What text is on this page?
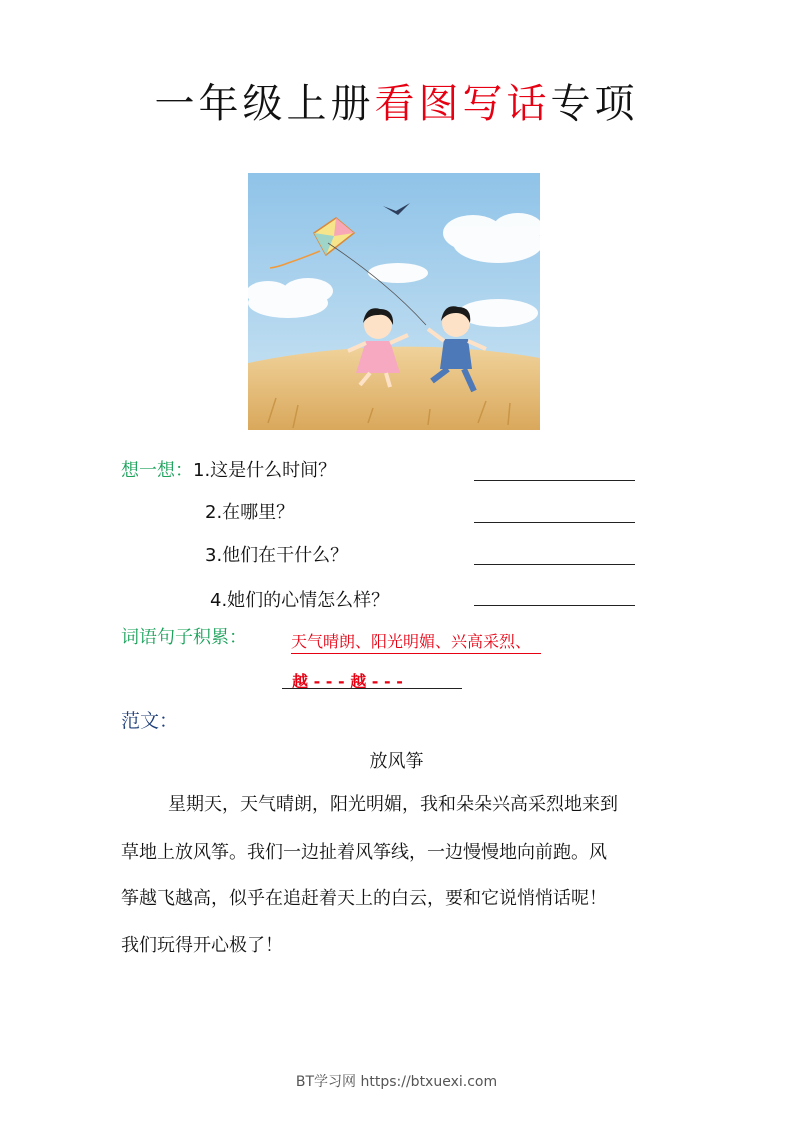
一年级上册看图写话专项
想一想：1.这是什么时间？
2.在哪里？
3.他们在干什么？
4.她们的心情怎么样？
词语句子积累：	天气晴朗、阳光明媚、兴高采烈、
越 - - - 越 - - -
范文：
放风筝
星期天，天气晴朗，阳光明媚，我和朵朵兴高采烈地来到
草地上放风筝。我们一边扯着风筝线，一边慢慢地向前跑。风
筝越飞越高，似乎在追赶着天上的白云，要和它说悄悄话呢！
我们玩得开心极了！
BT学习网 https://btxuexi.com
